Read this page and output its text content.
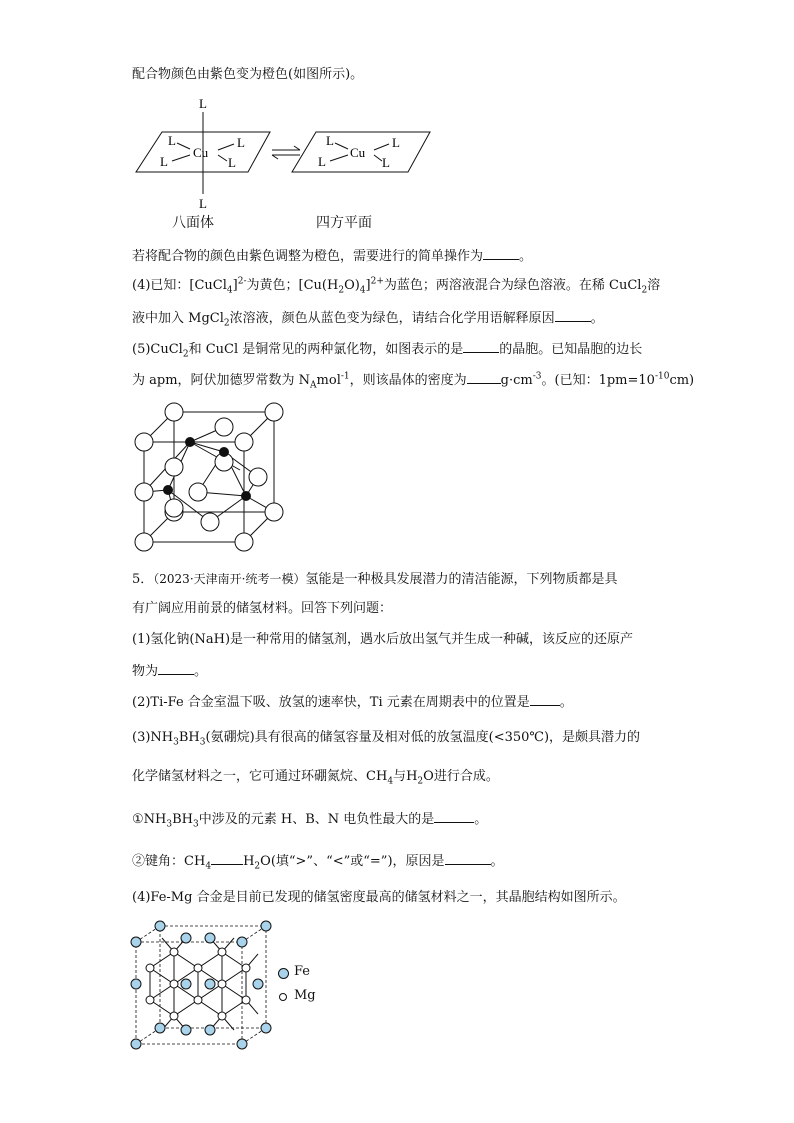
配合物颜色由紫色变为橙色(如图所示)。
L
L
L
L
L
L
Cu
L
L
L
L
Cu
八面体	四方平面
若将配合物的颜色由紫色调整为橙色，需要进行的简单操作为	。
(4)已知：[CuCl$_4$]$^{2-}$为黄色；$[Cu(H_2O)_4]^{2+}$为蓝色；两溶液混合为绿色溶液。在稀 CuCl$_2$溶
液中加入 MgCl$_2$浓溶液，颜色从蓝色变为绿色，请结合化学用语解释原因	。
(5)CuCl$_2$和 CuCl 是铜常见的两种氯化物，如图表示的是	的晶胞。已知晶胞的边长
为 apm，阿伏加德罗常数为 $N_Amol^{-1}$，则该晶体的密度为	$g\cdot cm^{-3}$。(已知：$1pm=10^{-10}cm$)
5．（2023·天津南开·统考一模）氢能是一种极具发展潜力的清洁能源，下列物质都是具
有广阔应用前景的储氢材料。回答下列问题：
(1)氢化钠(NaH)是一种常用的储氢剂，遇水后放出氢气并生成一种碱，该反应的还原产
物为	。
(2)Ti-Fe 合金室温下吸、放氢的速率快，Ti 元素在周期表中的位置是 。
$(3)NH_3BH_3$(氨硼烷)具有很高的储氢容量及相对低的放氢温度(<350℃)，是颇具潜力的
化学储氢材料之一，它可通过环硼氮烷、$CH_4$与$H_2O$进行合成。
$①NH_3BH_3$中涉及的元素 H、B、N 电负性最大的是	。
②键角：$CH_4$ $H_2O$(填“>”、“<”或“=”)，原因是	。
(4)Fe-Mg 合金是目前已发现的储氢密度最高的储氢材料之一，其晶胞结构如图所示。
Fe
Mg
